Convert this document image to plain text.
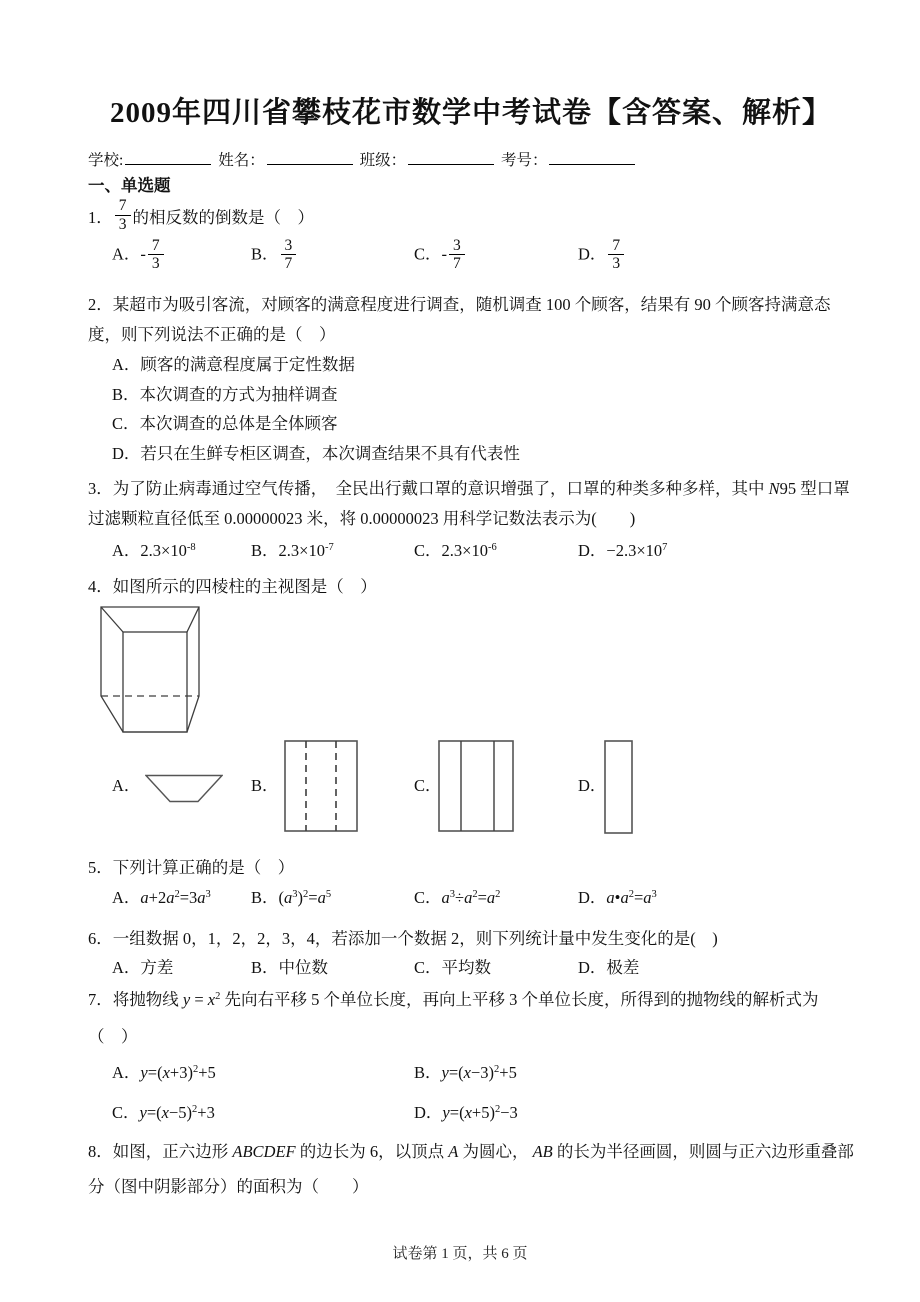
2009年四川省攀枝花市数学中考试卷【含答案、解析】
学校:	姓名：	班级：	考号：
一、单选题
1． $\frac{7}{3}$ 的相反数的倒数是（　）
A．- $\frac{7}{3}$	B． $\frac{3}{7}$	C．- $\frac{3}{7}$	D． $\frac{7}{3}$
2．某超市为吸引客流，对顾客的满意程度进行调查，随机调查 100 个顾客，结果有 90 个顾客持满意态度，则下列说法不正确的是（　）
A．顾客的满意程度属于定性数据
B．本次调查的方式为抽样调查
C．本次调查的总体是全体顾客
D．若只在生鲜专柜区调查，本次调查结果不具有代表性
3．为了防止病毒通过空气传播，　全民出行戴口罩的意识增强了，口罩的种类多种多样，其中 N95 型口罩过滤颗粒直径低至 0.00000023 米，将 0.00000023 用科学记数法表示为(　　)
A．$2.3\times 10^{-8}$	B．$2.3\times 10^{-7}$	C．$2.3\times 10^{-6}$	D．$-2.3\times 10^7$
4．如图所示的四棱柱的主视图是（　）
A．	B．	C．	D．
5．下列计算正确的是（　）
A．$a+2a^2=3a^3$ B．$(a^3)^2=a^5$	C．$a^3\div a^2=a^2$	D．$a•a^2=a^3$
6．一组数据 0，1，2，2，3，4，若添加一个数据 2，则下列统计量中发生变化的是(　)
A．方差	B．中位数	C．平均数	D．极差
7．将抛物线 $y = x^2$ 先向右平移 5 个单位长度，再向上平移 3 个单位长度，所得到的抛物线的解析式为
（　）
A．$y=(x+3)^2+5$	B．$y=(x-3)^2+5$
C．$y=(x-5)^2+3$	D．$y=(x+5)^2-3$
8．如图，正六边形 ABCDEF 的边长为 6，以顶点 A 为圆心， AB 的长为半径画圆，则圆与正六边形重叠部分（图中阴影部分）的面积为（　　）
试卷第 1 页，共 6 页
